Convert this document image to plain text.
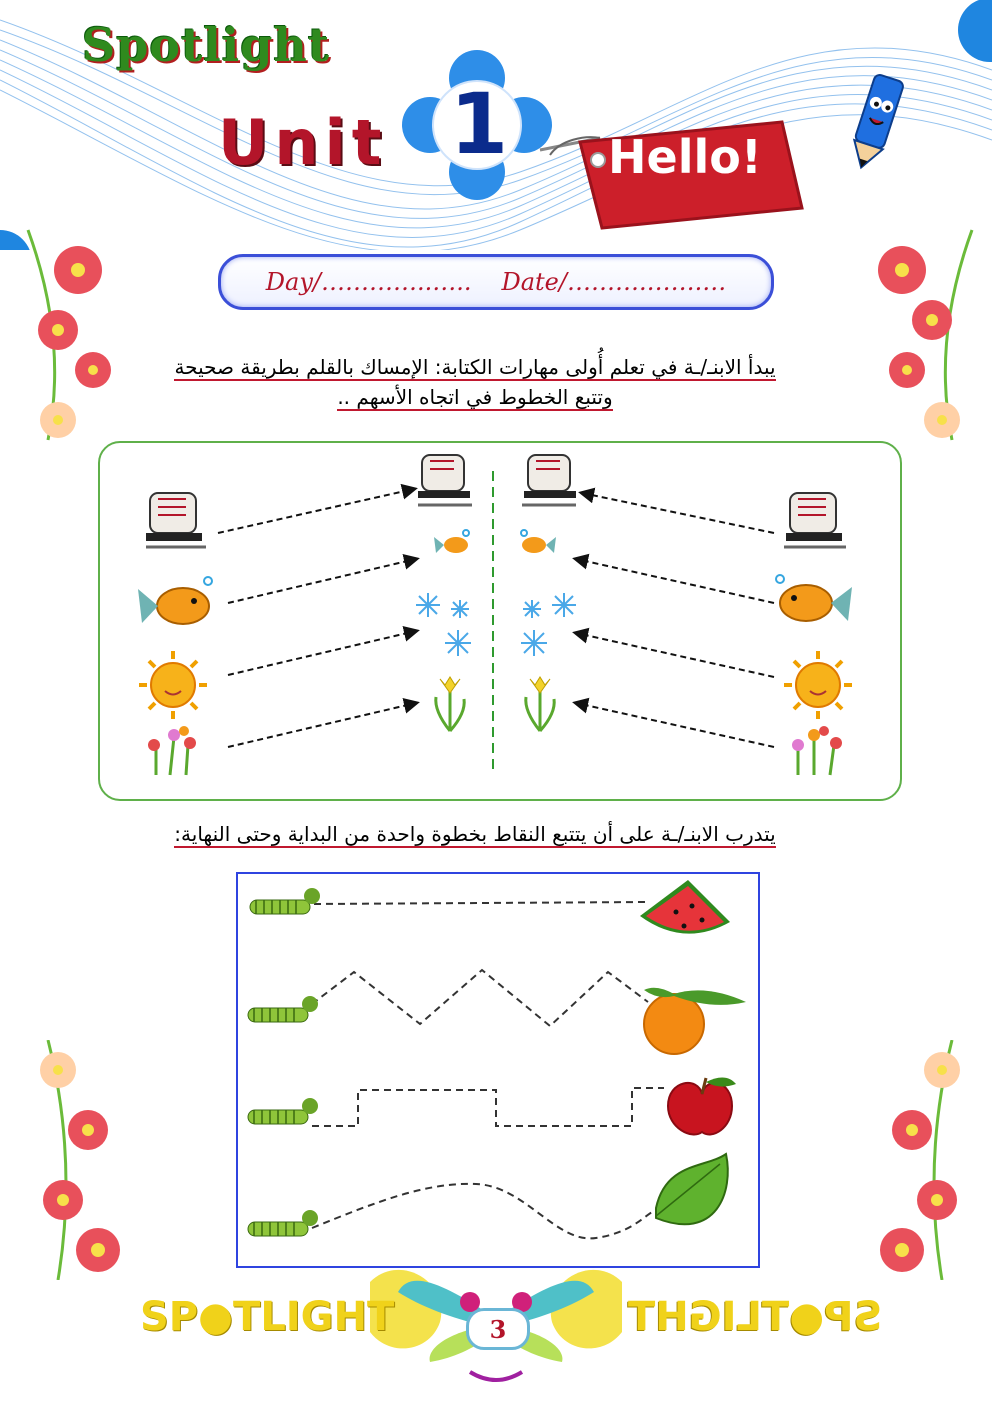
Spotlight
Unit 1	Hello!
Day/…………..….. Date/……….…….…
يبدأ الابنـ/ـة في تعلم أُولى مهارات الكتابة: الإمساك بالقلم بطريقة صحيحة
وتتبع الخطوط في اتجاه الأسهم ..
يتدرب الابنـ/ـة على أن يتتبع النقاط بخطوة واحدة من البداية وحتى النهاية:
SP●TLIGHT	SP●TLIGHT
3
